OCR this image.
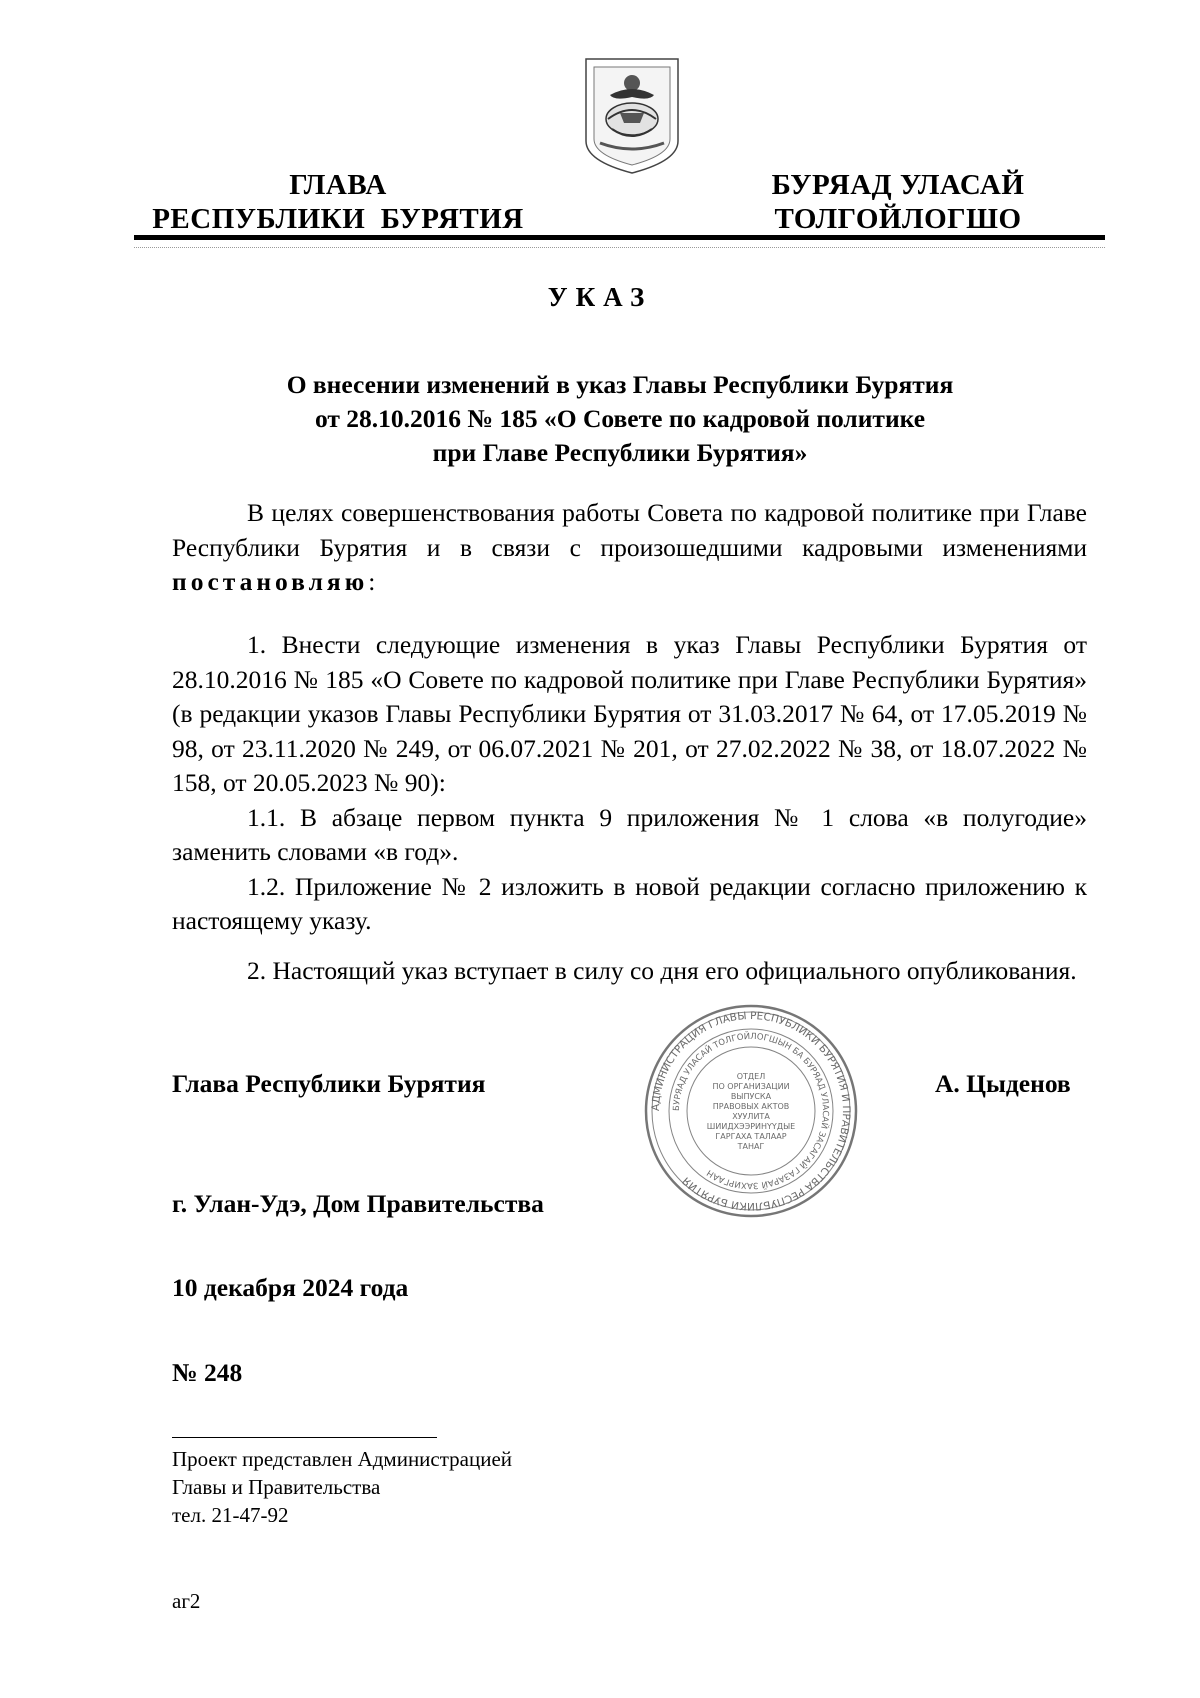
ГЛАВА
РЕСПУБЛИКИ  БУРЯТИЯ
БУРЯАД УЛАСАЙ
ТОЛГОЙЛОГШО
УКАЗ
О внесении изменений в указ Главы Республики Бурятия
от 28.10.2016 № 185 «О Совете по кадровой политике
при Главе Республики Бурятия»

В целях совершенствования работы Совета по кадровой политике при Главе Республики Бурятия и в связи с произошедшими кадровыми изменениями постановляю:

1. Внести следующие изменения в указ Главы Республики Бурятия от 28.10.2016 № 185 «О Совете по кадровой политике при Главе Республики Бурятия» (в редакции указов Главы Республики Бурятия от 31.03.2017 № 64, от 17.05.2019 № 98, от 23.11.2020 № 249, от 06.07.2021 № 201, от 27.02.2022 № 38, от 18.07.2022 № 158, от 20.05.2023 № 90):

1.1. В абзаце первом пункта 9 приложения № 1 слова «в полугодие» заменить словами «в год».

1.2. Приложение № 2 изложить в новой редакции согласно приложению к настоящему указу.

2. Настоящий указ вступает в силу со дня его официального опубликования.

Глава Республики Бурятия	А. Цыденов
г. Улан-Удэ, Дом Правительства
10 декабря 2024 года
№ 248
АДМИНИСТРАЦИЯ ГЛАВЫ РЕСПУБЛИКИ БУРЯТИЯ И ПРАВИТЕЛЬСТВА РЕСПУБЛИКИ БУРЯТИЯ
БУРЯАД УЛАСАЙ ТОЛГОЙЛОГШЫН БА БУРЯАД УЛАСАЙ ЗАСАГАЙ ГАЗАРАЙ ЗАХИРГААН
ОТДЕЛ
ПО ОРГАНИЗАЦИИ
ВЫПУСКА
ПРАВОВЫХ АКТОВ
ХУУЛИТА
ШИИДХЭЭРИНҮҮДЫЕ
ГАРГАХА ТАЛААР
ТАНАГ
Проект представлен Администрацией
Главы и Правительства
тел. 21-47-92
аг2
